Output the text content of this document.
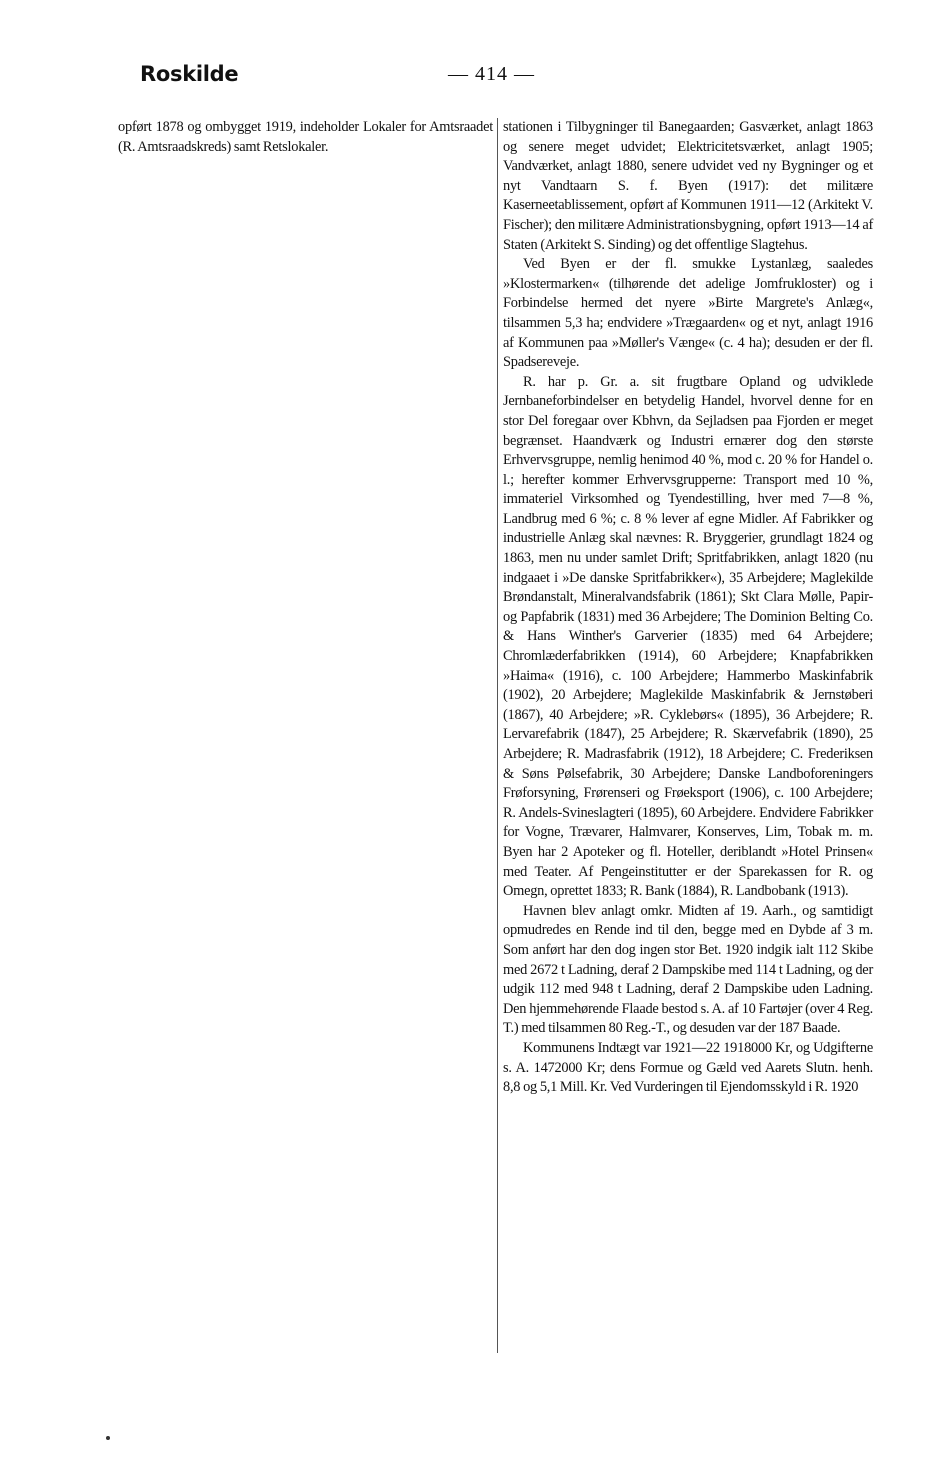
Roskilde	— 414 —

opført 1878 og ombygget 1919, indeholder Lokaler for Amtsraadet (R. Amtsraadskreds) samt Retslokaler.

stationen i Tilbygninger til Banegaarden; Gasværket, anlagt 1863 og senere meget udvidet; Elektricitetsværket, anlagt 1905; Vandværket, anlagt 1880, senere udvidet ved ny Bygninger og et nyt Vandtaarn S. f. Byen (1917): det militære Kaserneetablissement, opført af Kommunen 1911—12 (Arkitekt V. Fischer); den militære Administrationsbygning, opført 1913—14 af Staten (Arkitekt S. Sinding) og det offentlige Slagtehus.

Ved Byen er der fl. smukke Lystanlæg, saaledes »Klostermarken« (tilhørende det adelige Jomfrukloster) og i Forbindelse hermed det nyere »Birte Margrete's Anlæg«, tilsammen 5,3 ha; endvidere »Trægaarden« og et nyt, anlagt 1916 af Kommunen paa »Møller's Vænge« (c. 4 ha); desuden er der fl. Spadsereveje.

R. har p. Gr. a. sit frugtbare Opland og udviklede Jernbaneforbindelser en betydelig Handel, hvorvel denne for en stor Del foregaar over Kbhvn, da Sejladsen paa Fjorden er meget begrænset. Haandværk og Industri ernærer dog den største Erhvervsgruppe, nemlig henimod 40 %, mod c. 20 % for Handel o. l.; herefter kommer Erhvervsgrupperne: Transport med 10 %, immateriel Virksomhed og Tyendestilling, hver med 7—8 %, Landbrug med 6 %; c. 8 % lever af egne Midler. Af Fabrikker og industrielle Anlæg skal nævnes: R. Bryggerier, grundlagt 1824 og 1863, men nu under samlet Drift; Spritfabrikken, anlagt 1820 (nu indgaaet i »De danske Spritfabrikker«), 35 Arbejdere; Maglekilde Brøndanstalt, Mineralvandsfabrik (1861); Skt Clara Mølle, Papir- og Papfabrik (1831) med 36 Arbejdere; The Dominion Belting Co. & Hans Winther's Garverier (1835) med 64 Arbejdere; Chromlæderfabrikken (1914), 60 Arbejdere; Knapfabrikken »Haima« (1916), c. 100 Arbejdere; Hammerbo Maskinfabrik (1902), 20 Arbejdere; Maglekilde Maskinfabrik & Jernstøberi (1867), 40 Arbejdere; »R. Cyklebørs« (1895), 36 Arbejdere; R. Lervarefabrik (1847), 25 Arbejdere; R. Skærvefabrik (1890), 25 Arbejdere; R. Madrasfabrik (1912), 18 Arbejdere; C. Frederiksen & Søns Pølsefabrik, 30 Arbejdere; Danske Landboforeningers Frøforsyning, Frørenseri og Frøeksport (1906), c. 100 Arbejdere; R. Andels-Svineslagteri (1895), 60 Arbejdere. Endvidere Fabrikker for Vogne, Trævarer, Halmvarer, Konserves, Lim, Tobak m. m. Byen har 2 Apoteker og fl. Hoteller, deriblandt »Hotel Prinsen« med Teater. Af Pengeinstitutter er der Sparekassen for R. og Omegn, oprettet 1833; R. Bank (1884), R. Landbobank (1913).

Havnen blev anlagt omkr. Midten af 19. Aarh., og samtidigt opmudredes en Rende ind til den, begge med en Dybde af 3 m. Som anført har den dog ingen stor Bet. 1920 indgik ialt 112 Skibe med 2672 t Ladning, deraf 2 Dampskibe med 114 t Ladning, og der udgik 112 med 948 t Ladning, deraf 2 Dampskibe uden Ladning. Den hjemmehørende Flaade bestod s. A. af 10 Fartøjer (over 4 Reg. T.) med tilsammen 80 Reg.-T., og desuden var der 187 Baade.

Kommunens Indtægt var 1921—22 1918000 Kr, og Udgifterne s. A. 1472000 Kr; dens Formue og Gæld ved Aarets Slutn. henh. 8,8 og 5,1 Mill. Kr. Ved Vurderingen til Ejendomsskyld i R. 1920
